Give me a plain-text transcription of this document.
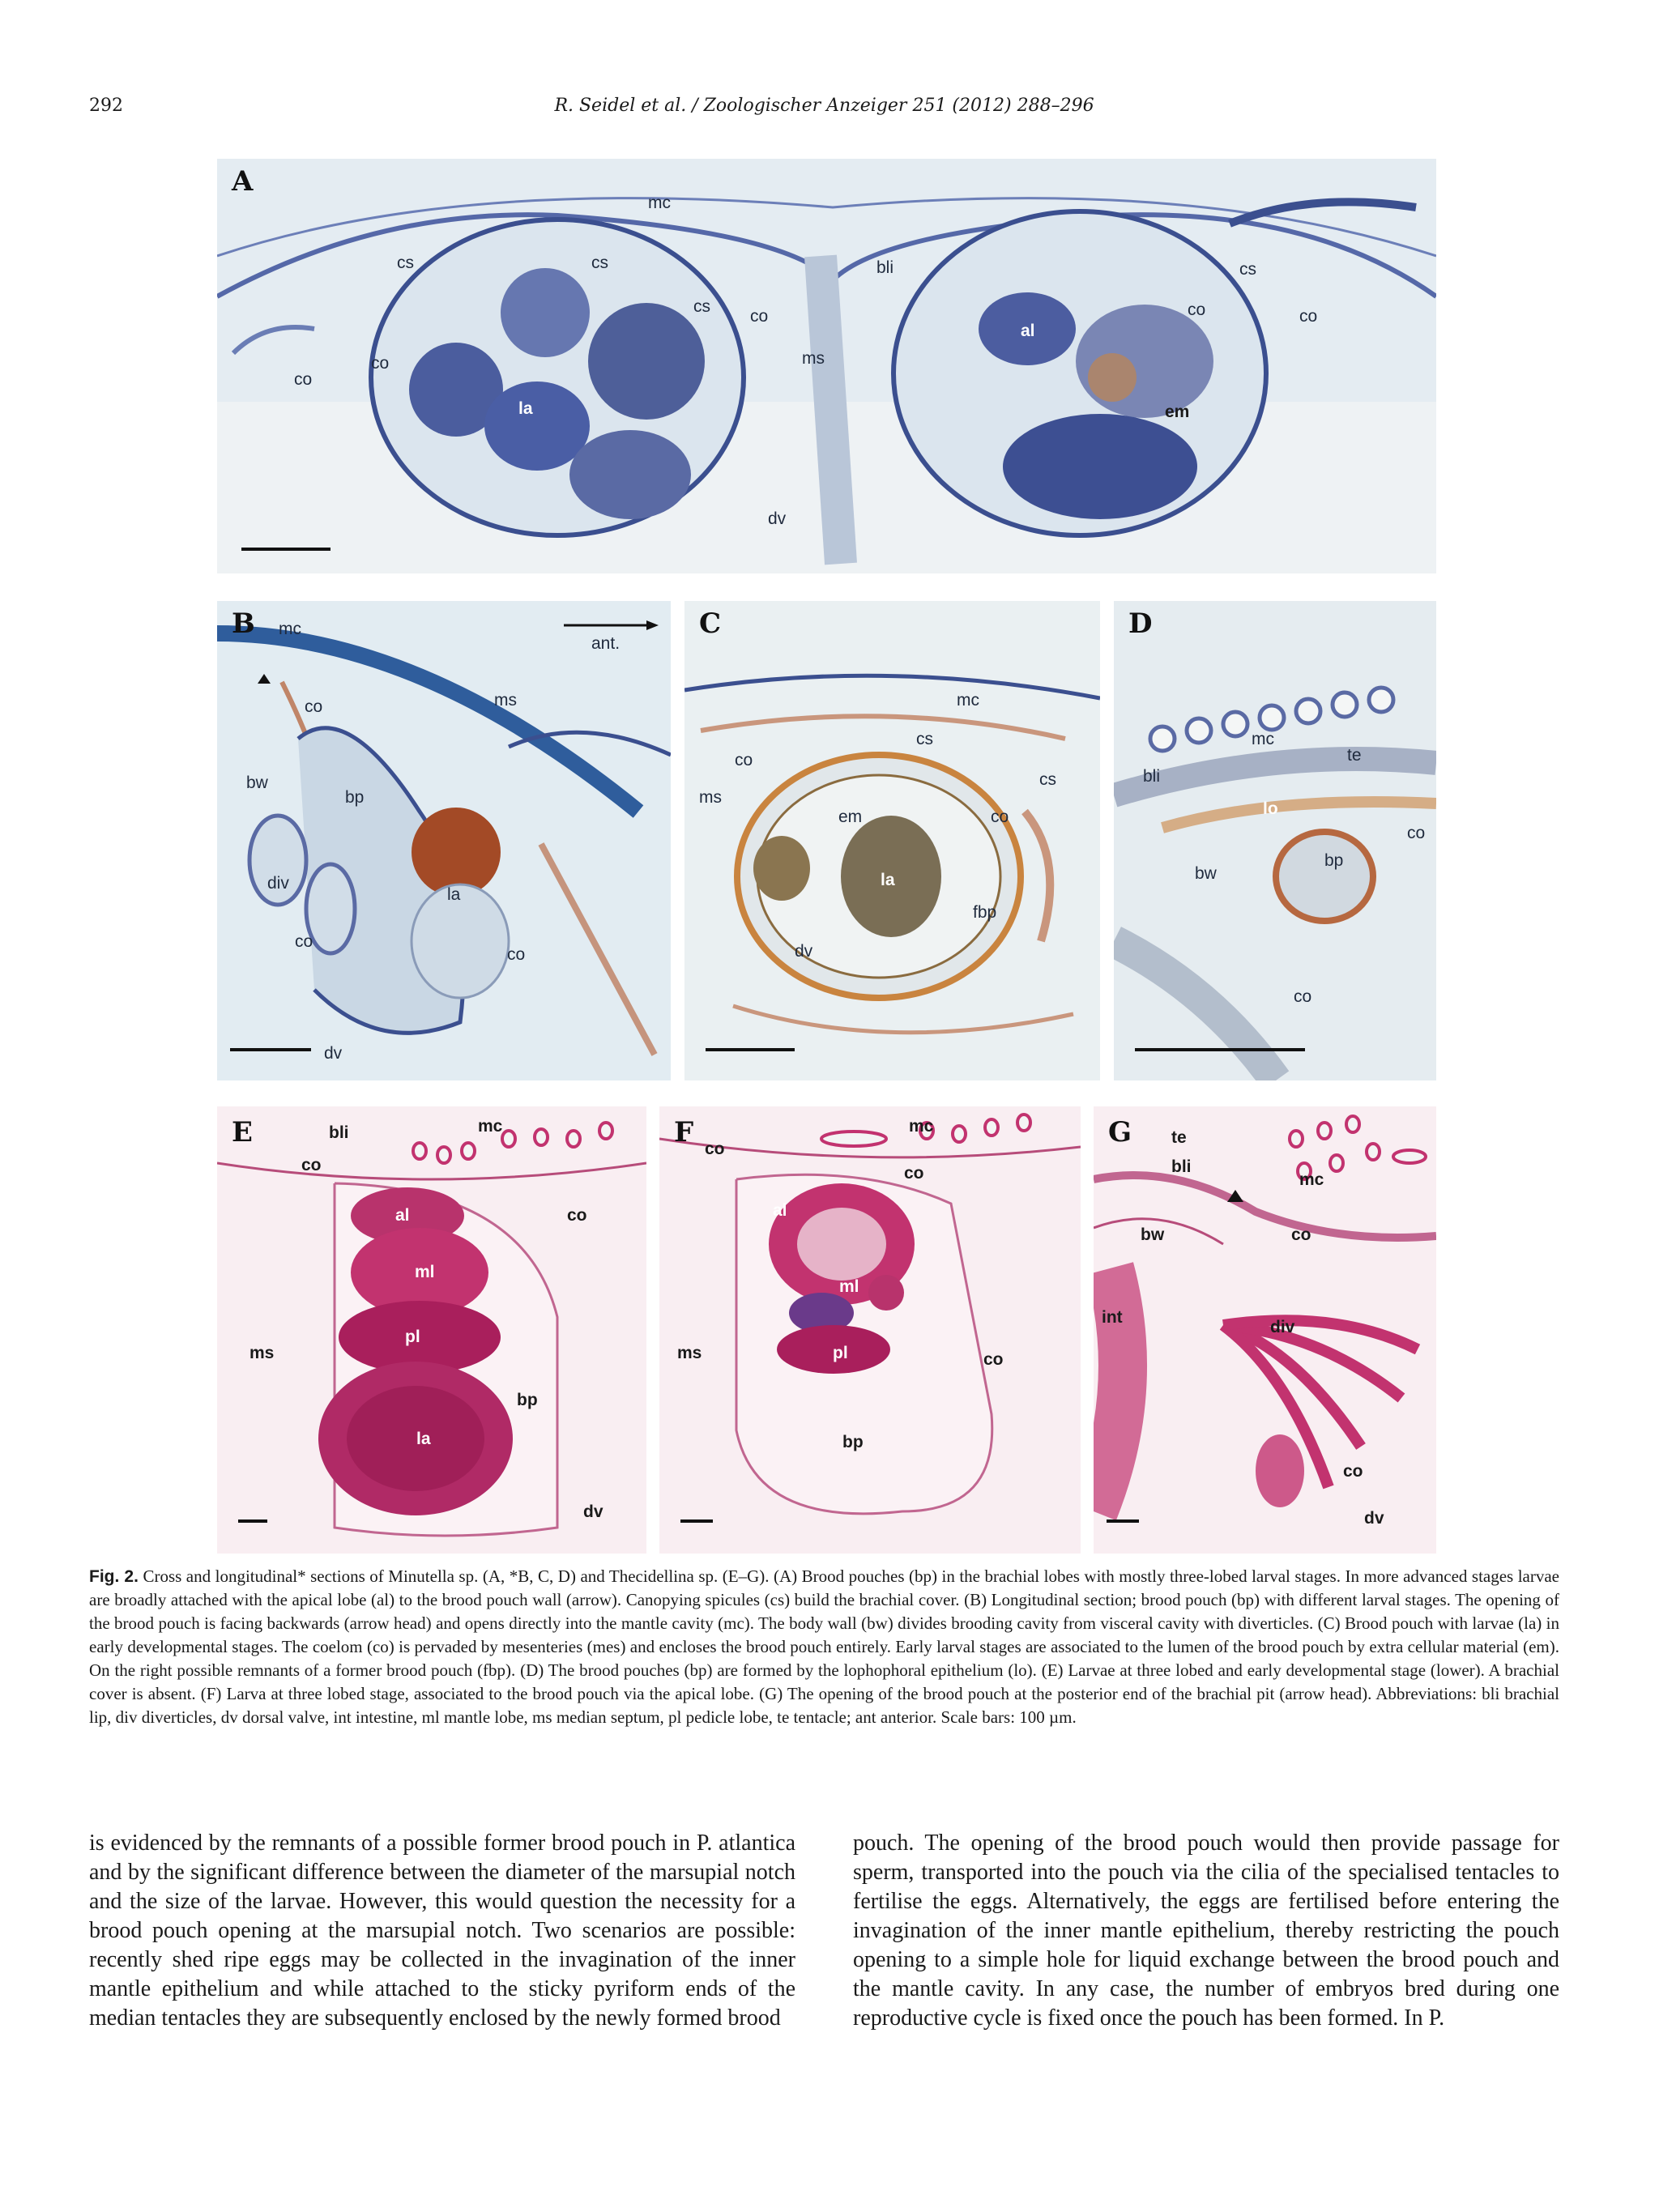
292	R. Seidel et al. / Zoologischer Anzeiger 251 (2012) 288–296
A
mc
cs	cs
cs
co
co
co
la
ms
bli
al
cs
co	co
em
dv
B mc
ant.
ms
co
bw
bp
div
la
co
co
dv
C
mc
cs
co
cs
ms
em	co
la
fbp
dv
D
mc
te
bli
lo
co
bp
bw
co
E	bli	mc
co
al	co
ml
pl
ms
bp
la
dv
F	mc
co
co
al
ml
ms	pl	co
bp
G te
bli
mc
bw	co
int
div
co
dv
Fig. 2. Cross and longitudinal* sections of Minutella sp. (A, *B, C, D) and Thecidellina sp. (E–G). (A) Brood pouches (bp) in the brachial lobes with mostly three-lobed larval stages. In more advanced stages larvae are broadly attached with the apical lobe (al) to the brood pouch wall (arrow). Canopying spicules (cs) build the brachial cover. (B) Longitudinal section; brood pouch (bp) with different larval stages. The opening of the brood pouch is facing backwards (arrow head) and opens directly into the mantle cavity (mc). The body wall (bw) divides brooding cavity from visceral cavity with diverticles. (C) Brood pouch with larvae (la) in early developmental stages. The coelom (co) is pervaded by mesenteries (mes) and encloses the brood pouch entirely. Early larval stages are associated to the lumen of the brood pouch by extra cellular material (em). On the right possible remnants of a former brood pouch (fbp). (D) The brood pouches (bp) are formed by the lophophoral epithelium (lo). (E) Larvae at three lobed and early developmental stage (lower). A brachial cover is absent. (F) Larva at three lobed stage, associated to the brood pouch via the apical lobe. (G) The opening of the brood pouch at the posterior end of the brachial pit (arrow head). Abbreviations: bli brachial lip, div diverticles, dv dorsal valve, int intestine, ml mantle lobe, ms median septum, pl pedicle lobe, te tentacle; ant anterior. Scale bars: 100 µm.
is evidenced by the remnants of a possible former brood pouch in P. atlantica and by the significant difference between the diameter of the marsupial notch and the size of the larvae. However, this would question the necessity for a brood pouch opening at the marsupial notch. Two scenarios are possible: recently shed ripe eggs may be collected in the invagination of the inner mantle epithelium and while attached to the sticky pyriform ends of the median tentacles they are subsequently enclosed by the newly formed brood
pouch. The opening of the brood pouch would then provide passage for sperm, transported into the pouch via the cilia of the specialised tentacles to fertilise the eggs. Alternatively, the eggs are fertilised before entering the invagination of the inner mantle epithelium, thereby restricting the pouch opening to a simple hole for liquid exchange between the brood pouch and the mantle cavity. In any case, the number of embryos bred during one reproductive cycle is fixed once the pouch has been formed. In P.
